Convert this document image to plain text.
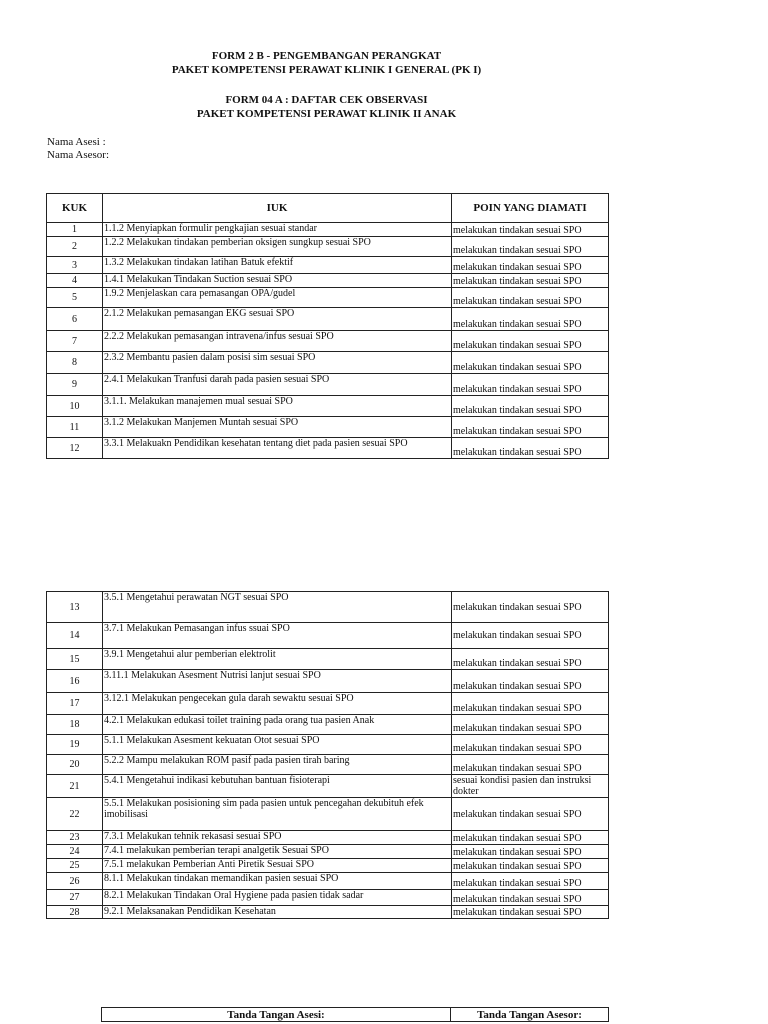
FORM 2 B - PENGEMBANGAN PERANGKAT
PAKET KOMPETENSI PERAWAT KLINIK I GENERAL (PK I)
FORM 04 A : DAFTAR CEK OBSERVASI
PAKET KOMPETENSI PERAWAT KLINIK II ANAK
Nama Asesi :
Nama Asesor:
KUK	IUK	POIN YANG DIAMATI
1	1.1.2 Menyiapkan formulir pengkajian sesuai standar	melakukan tindakan sesuai SPO
2	1.2.2 Melakukan tindakan pemberian oksigen sungkup sesuai SPO	melakukan tindakan sesuai SPO
3	1.3.2 Melakukan tindakan latihan Batuk efektif	melakukan tindakan sesuai SPO
4	1.4.1 Melakukan Tindakan Suction sesuai SPO	melakukan tindakan sesuai SPO
5	1.9.2 Menjelaskan cara pemasangan OPA/gudel	melakukan tindakan sesuai SPO
6	2.1.2 Melakukan pemasangan EKG sesuai SPO	melakukan tindakan sesuai SPO
7	2.2.2 Melakukan pemasangan intravena/infus sesuai SPO	melakukan tindakan sesuai SPO
8	2.3.2 Membantu pasien dalam posisi sim sesuai SPO	melakukan tindakan sesuai SPO
9	2.4.1 Melakukan Tranfusi darah pada pasien sesuai SPO	melakukan tindakan sesuai SPO
10	3.1.1. Melakukan manajemen mual sesuai SPO	melakukan tindakan sesuai SPO
11	3.1.2 Melakukan Manjemen Muntah sesuai SPO	melakukan tindakan sesuai SPO
12	3.3.1 Melakuakn Pendidikan kesehatan tentang diet pada pasien sesuai SPO	melakukan tindakan sesuai SPO
13	3.5.1 Mengetahui perawatan NGT sesuai SPO	melakukan tindakan sesuai SPO
14	3.7.1 Melakukan Pemasangan infus ssuai SPO	melakukan tindakan sesuai SPO
15	3.9.1 Mengetahui alur pemberian elektrolit	melakukan tindakan sesuai SPO
16	3.11.1 Melakukan Asesment Nutrisi lanjut sesuai SPO	melakukan tindakan sesuai SPO
17	3.12.1 Melakukan pengecekan gula darah sewaktu sesuai SPO	melakukan tindakan sesuai SPO
18	4.2.1 Melakukan edukasi toilet training pada orang tua pasien Anak	melakukan tindakan sesuai SPO
19	5.1.1 Melakukan Asesment kekuatan Otot sesuai SPO	melakukan tindakan sesuai SPO
20	5.2.2 Mampu melakukan ROM pasif pada pasien tirah baring	melakukan tindakan sesuai SPO
21	5.4.1 Mengetahui indikasi kebutuhan bantuan fisioterapi	sesuai kondisi pasien dan instruksi dokter
22	5.5.1 Melakukan posisioning sim pada pasien untuk pencegahan dekubituh efek imobilisasi	melakukan tindakan sesuai SPO
23	7.3.1 Melakukan tehnik rekasasi sesuai SPO	melakukan tindakan sesuai SPO
24	7.4.1 melakukan pemberian terapi analgetik Sesuai SPO	melakukan tindakan sesuai SPO
25	7.5.1 melakukan Pemberian Anti Piretik Sesuai SPO	melakukan tindakan sesuai SPO
26	8.1.1 Melakukan tindakan memandikan pasien sesuai SPO	melakukan tindakan sesuai SPO
27	8.2.1 Melakukan Tindakan Oral Hygiene pada pasien tidak sadar	melakukan tindakan sesuai SPO
28	9.2.1 Melaksanakan Pendidikan Kesehatan	melakukan tindakan sesuai SPO
Tanda Tangan Asesi:	Tanda Tangan Asesor:
